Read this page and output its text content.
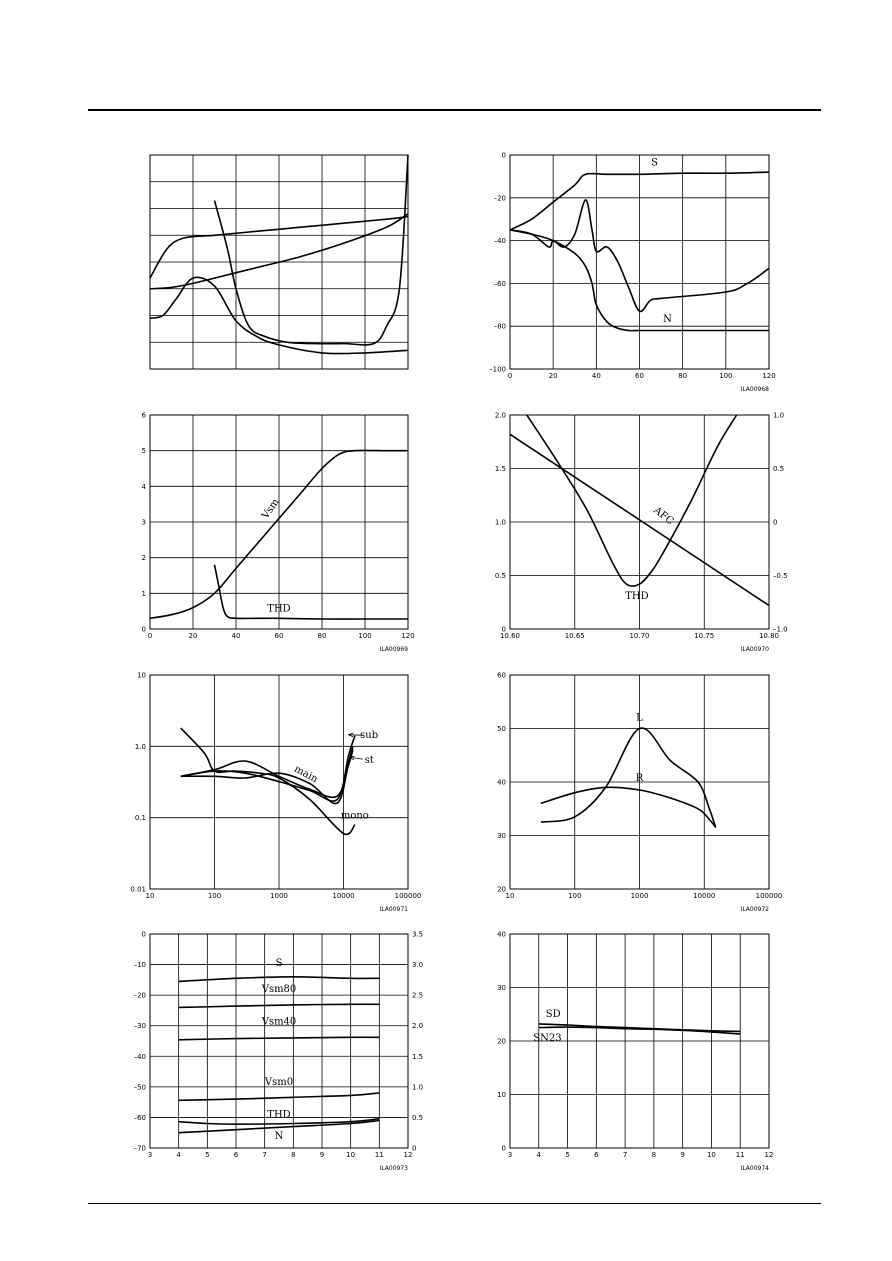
0	20	40	60	80	100	120
0
–20
–40
–60
–80
–100
ILA00968
S
N
0	20	40	60	80	100	120
0
1
2
3
4
5
6
ILA00969
Vsm
THD
10.60	10.65	10.70	10.75	10.80
0
0.5
1.0
1.5
2.0
–1.0
–0.5
0
0.5
1.0
ILA00970
THD
AFC
10	100	1000	10000	100000
0.01
0.1
1.0
10
ILA00971
sub
st
main
mono
10	100	1000	10000	100000
20
30
40
50
60
ILA00972
L
R
3	4	5	6	7	8	9	10	11	12
0
–10
–20
–30
–40
–50
–60
–70	0
0.5
1.0
1.5
2.0
2.5
3.0
3.5
ILA00973
S
Vsm80
Vsm40
Vsm0
THD
N
3	4	5	6	7	8	9	10	11	12
0
10
20
30
40
ILA00974
SD
SN23
